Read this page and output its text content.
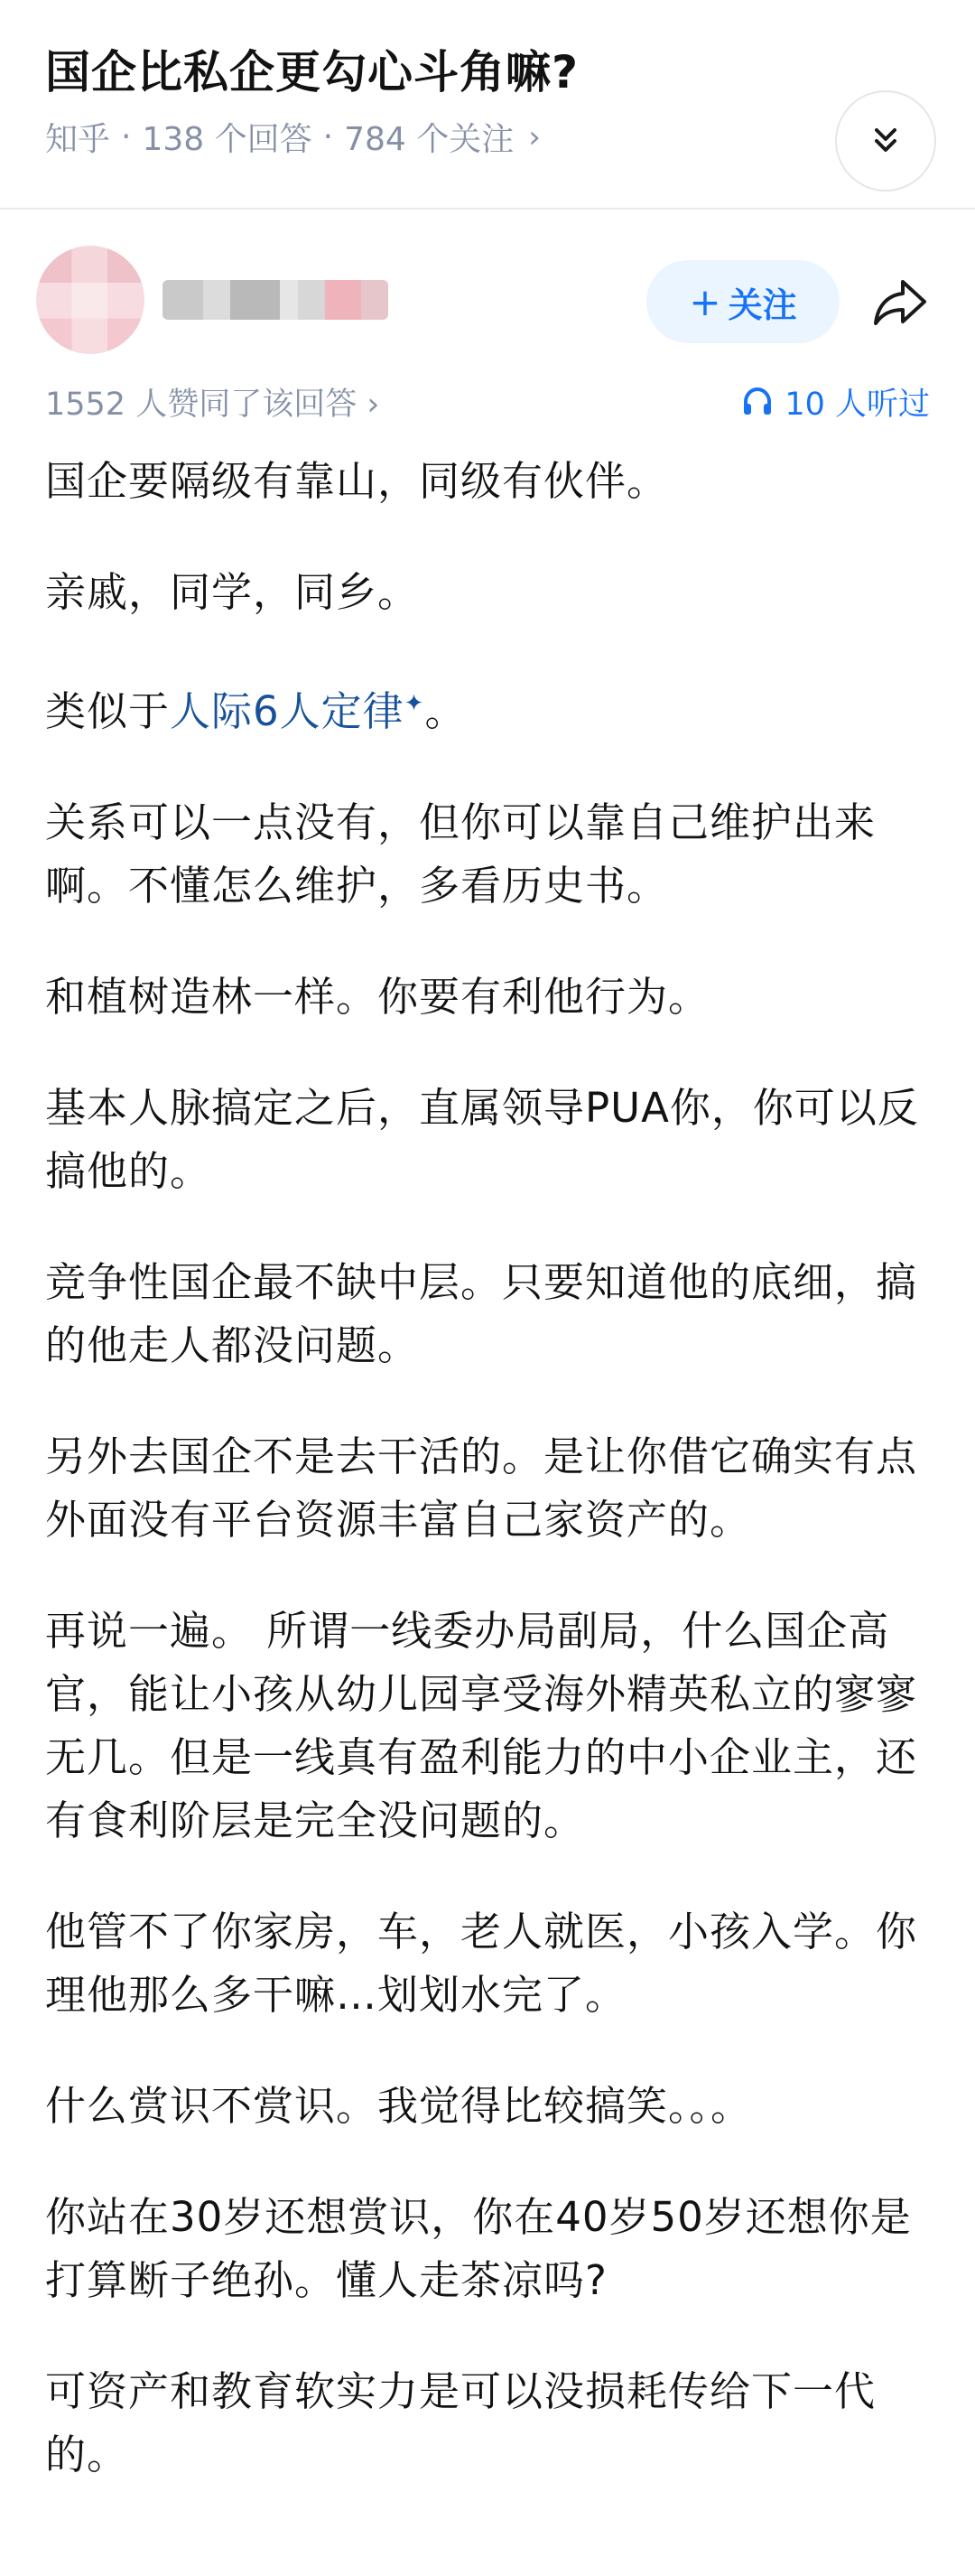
国企比私企更勾心斗角嘛?
知乎 · 138 个回答 · 784 个关注 ›
+ 关注
1552 人赞同了该回答 ›	10 人听过

国企要隔级有靠山，同级有伙伴。

亲戚，同学，同乡。

类似于人际6人定律✦。

关系可以一点没有，但你可以靠自己维护出来啊。不懂怎么维护，多看历史书。

和植树造林一样。你要有利他行为。

基本人脉搞定之后，直属领导PUA你，你可以反搞他的。

竞争性国企最不缺中层。只要知道他的底细，搞的他走人都没问题。

另外去国企不是去干活的。是让你借它确实有点外面没有平台资源丰富自己家资产的。

再说一遍。 所谓一线委办局副局，什么国企高官，能让小孩从幼儿园享受海外精英私立的寥寥无几。但是一线真有盈利能力的中小企业主，还有食利阶层是完全没问题的。

他管不了你家房，车，老人就医，小孩入学。你理他那么多干嘛…划划水完了。

什么赏识不赏识。我觉得比较搞笑。。。

你站在30岁还想赏识，你在40岁50岁还想你是打算断子绝孙。懂人走茶凉吗?

可资产和教育软实力是可以没损耗传给下一代的。
